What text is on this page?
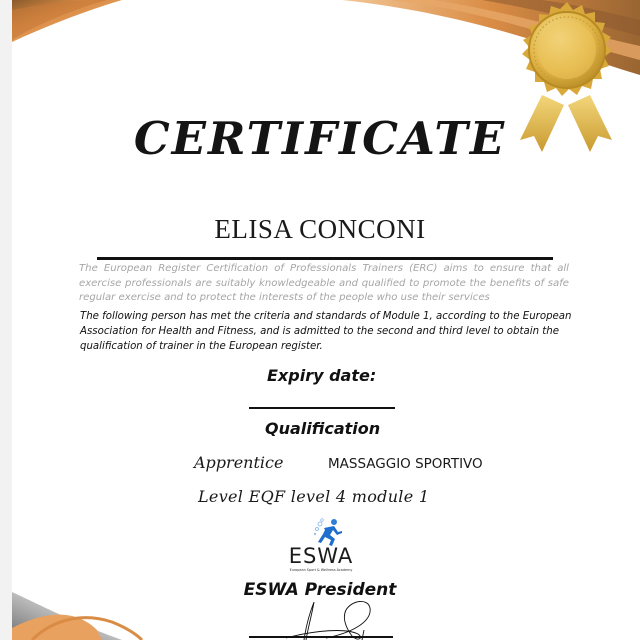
CERTIFICATE
ELISA CONCONI
The European Register Certification of Professionals Trainers (ERC) aims to ensure that all exercise professionals are suitably knowledgeable and qualified to promote the benefits of safe regular exercise and to protect the interests of the people who use their services
The following person has met the criteria and standards of Module 1, according to the European Association for Health and Fitness, and is admitted to the second and third level to obtain the qualification of trainer in the European register.
Expiry date:
Qualification
Apprentice	MASSAGGIO SPORTIVO
Level EQF level 4 module 1
ESWA
European Sport & Wellness Academy
ESWA President
